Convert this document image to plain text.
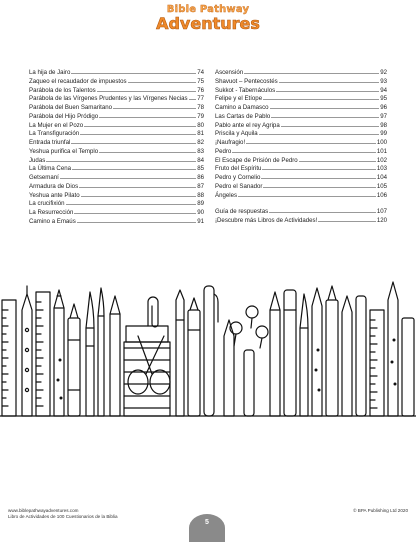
Bible Pathway
Adventures
La hija de Jairo	74
Zaqueo el recaudador de impuestos	75
Parábola de los Talentos	76
Parábola de las Vírgenes Prudentes y las Vírgenes Necias 77
Parábola del Buen Samaritano	78
Parábola del Hijo Pródigo	79
La Mujer en el Pozo	80
La Transfiguración	81
Entrada triunfal	82
Yeshua purifica el Templo	83
Judas	84
La Última Cena	85
Getsemaní	86
Armadura de Dios	87
Yeshua ante Pilato	88
La crucifixión	89
La Resurrección	90
Camino a Emaús	91
Ascensión	92
Shavuot – Pentecostés	93
Sukkot - Tabernáculos	94
Felipe y el Etíope	95
Camino a Damasco	96
Las Cartas de Pablo	97
Pablo ante el rey Agripa	98
Priscila y Aquila	99
¡Naufragio!	100
Pedro	101
El Escape de Prisión de Pedro	102
Fruto del Espíritu	103
Pedro y Cornelio	104
Pedro el Sanador	105
Ángeles	106
Guía de respuestas	107
¡Descubre más Libros de Actividades!	120
www.biblepathwayadventures.com
Libro de Actividades de 100 Cuestionarios de la Biblia
© BPA Publishing Ltd 2020
5
